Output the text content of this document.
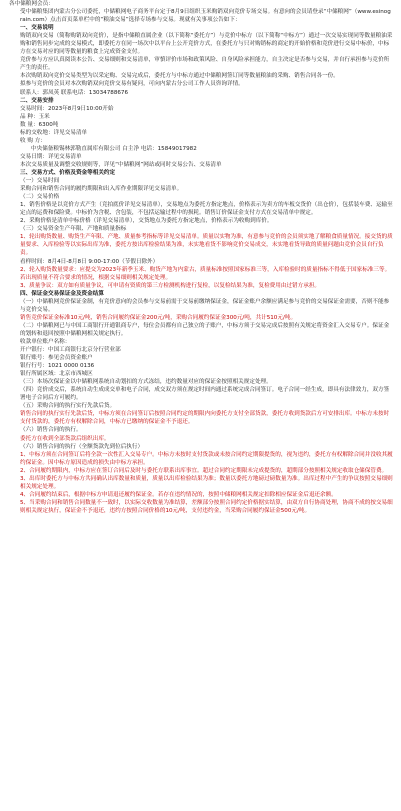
各中储粮网会员：

受中储粮集团内蒙古分公司委托，中储粮网电子商务平台定于8月9日组织玉米购销双向竞价专场交易。有意向的会员请登录“中储粮网”（www.esinograin.com）点击首页菜单栏中的“粮油交易”选择专场参与交易。现就有关事项公告如下：

一、交易说明

购销双向交易（简称购销双向竞价），是指中储粮直属企业（以下简称“委托方”）与竞价中标方（以下简称“中标方”）通过一次交易实现同等数量粮油采购和销售同步完成的交易模式，即委托方在同一场次中以平台上公开竞价方式，在委托方与只对购销标的商定的开始价格和竞价进行交易中标价，中标方在交易对应的同等数量的粮食上完成资金支付。

竞价参与方应认真阅读本公告、交易细则和交易清单，审慎评价市场和政策风险、自身风险承担能力，自主决定是否参与交易，并自行承担参与竞价所产生的责任。

本次购销双向竞价交易类型为以采定购、交易完成后，委托方与中标方通过中储粮网签订同等数量粮油的采购、销售合同各一份。

拟参与竞价的会员对本次购销双向竞价交易有疑问，可向内蒙古分公司工作人员咨询详情。

联系人：郭凤英 联系电话：13034788676

二、交易安排

交易时间：2023年8月9日10:00开始

品 种：玉米

数 量：6300吨

标的交收地：详见交易清单

收 购 方：

中央储备粮锡林郭勒直属库有限公司 白主净 电话：15849017982

交易日期：详见交易清单

本次交易质量及调整交收规则等，详见“中储粮网”网站或同时交易公告、交易清单

三、交易方式、价格及资金等相关约定

（一）交易时间

采购合同和销售合同的履约期限和出入库作业期限详见交易清单。

（二）交易价格

1、销售价格是以竞价方式产生（竞拍底价详见交易清单），交易地点为委托方指定地点，价格表示为卖方的车板交货价（出仓价），包括装车费、运输至定点的运费和保险费。中标价为含税、含包装，不包括运输过程中的损耗。销售订价保证金支付方式在交易清单中规定。

2、采购价格是清单中标价格（详见交易清单），交货地点为委托方指定地点，价格表示为收购到库价。

（三）交易资金生产年限、产地和质量指标

1、轮出购货数量、购货生产年限、产地、质量参考指标等详见交易清单。质量以实物为准，有意参与竞价的会员须实地了解粮食质量情况。接交货的质量要求、入库检验等以实际出库为准，委托方按出库检验结果为准，未实地看货不影响竞价交易成交，未实地看货导致的质量问题由竞价会员自行负责。

看样时间：8月4日-8月8日 9:00-17:00（节假日除外）

2、轮入购货数量要求：应提交为2023年新季玉米、购货产地为内蒙古，质量标准按照国家标准三等，入库检验时的质量指标不得低于国家标准三等。若出现质量不符合要求的情况，根据交易细则相关规定处理。

3、质量争议：双方如有质量争议，可申请有资质的第三方检测机构进行复检，以复检结果为准，复检费用由过错方承担。

四、保证金交易保证金及资金结算

（一）中储粮网竞价保证金制，有竞价意向的会员参与交易前需于交易前缴纳保证金，保证金账户余额应满足参与竞价的交易保证金需要，否则不能参与竞价交易。

销售竞价保证金标准10元/吨，销售合同履约保证金200元/吨，采购合同履约保证金300元/吨，共计510元/吨。

（二）中储粮网已与中国工商银行开通银商专户，每位会员都有自己独立的子账户，中标方须于交易完成后按照有关规定将资金汇入交易专户。保证金的划转和退回按照中储粮网相关规定执行。

收款单位账户名称：

开户银行：中国工商银行北京分行营业部

银行账号：参见会员资金账户

银行行号：1021 0000 0136

银行所属区域：北京市西城区

（三）本场次保证金以中储粮网系统自动划扣的方式冻结，违约数量对应的保证金按照相关规定处理。

（四）竞价成交后，系统自动生成成交单和电子合同，成交双方须在规定时间内通过系统完成合同签订。电子合同一经生成，即具有法律效力，双方签署电子合同后方可履约。

（五）采购合同的执行实行先款后货。

销售合同的执行实行先款后货，中标方须在合同签订后按照合同约定的期限内向委托方支付全部货款，委托方收到货款后方可安排出库。中标方未按时支付货款的，委托方有权解除合同，中标方已缴纳的保证金不予退还。

（六）销售合同的执行。

委托方在收到全部货款后组织出库。

（六）销售合同的执行（全额货款先到位后执行）

1、中标方须在合同签订后将全款一次性汇入交易专户。中标方未按时支付货款或未按合同约定期限提货的，视为违约，委托方有权解除合同并没收其履约保证金。因中标方原因造成的损失由中标方承担。

2、合同履约期限内，中标方应在签订合同后及时与委托方联系出库事宜。超过合同约定期限未完成提货的，超期部分按照相关规定收取仓储保管费。

3、出库时委托方与中标方共同确认出库数量和质量，质量以出库检验结果为准；数量以委托方地磅过磅数量为准。出库过程中产生的争议按照交易细则相关规定处理。

4、合同履约结束后，根据中标方申请退还履约保证金。若存在违约情况的，按照中储粮网相关规定扣除相应保证金后退还余额。

5、当采购合同和销售合同数量不一致时，以实际交收数量为准结算，差额部分按照合同约定价格据实结算，由双方自行协商处理，协商不成的按交易细则相关规定执行，保证金不予退还，违约方按照合同价格的10元/吨，支付违约金，当采购合同履约保证金500元/吨。
